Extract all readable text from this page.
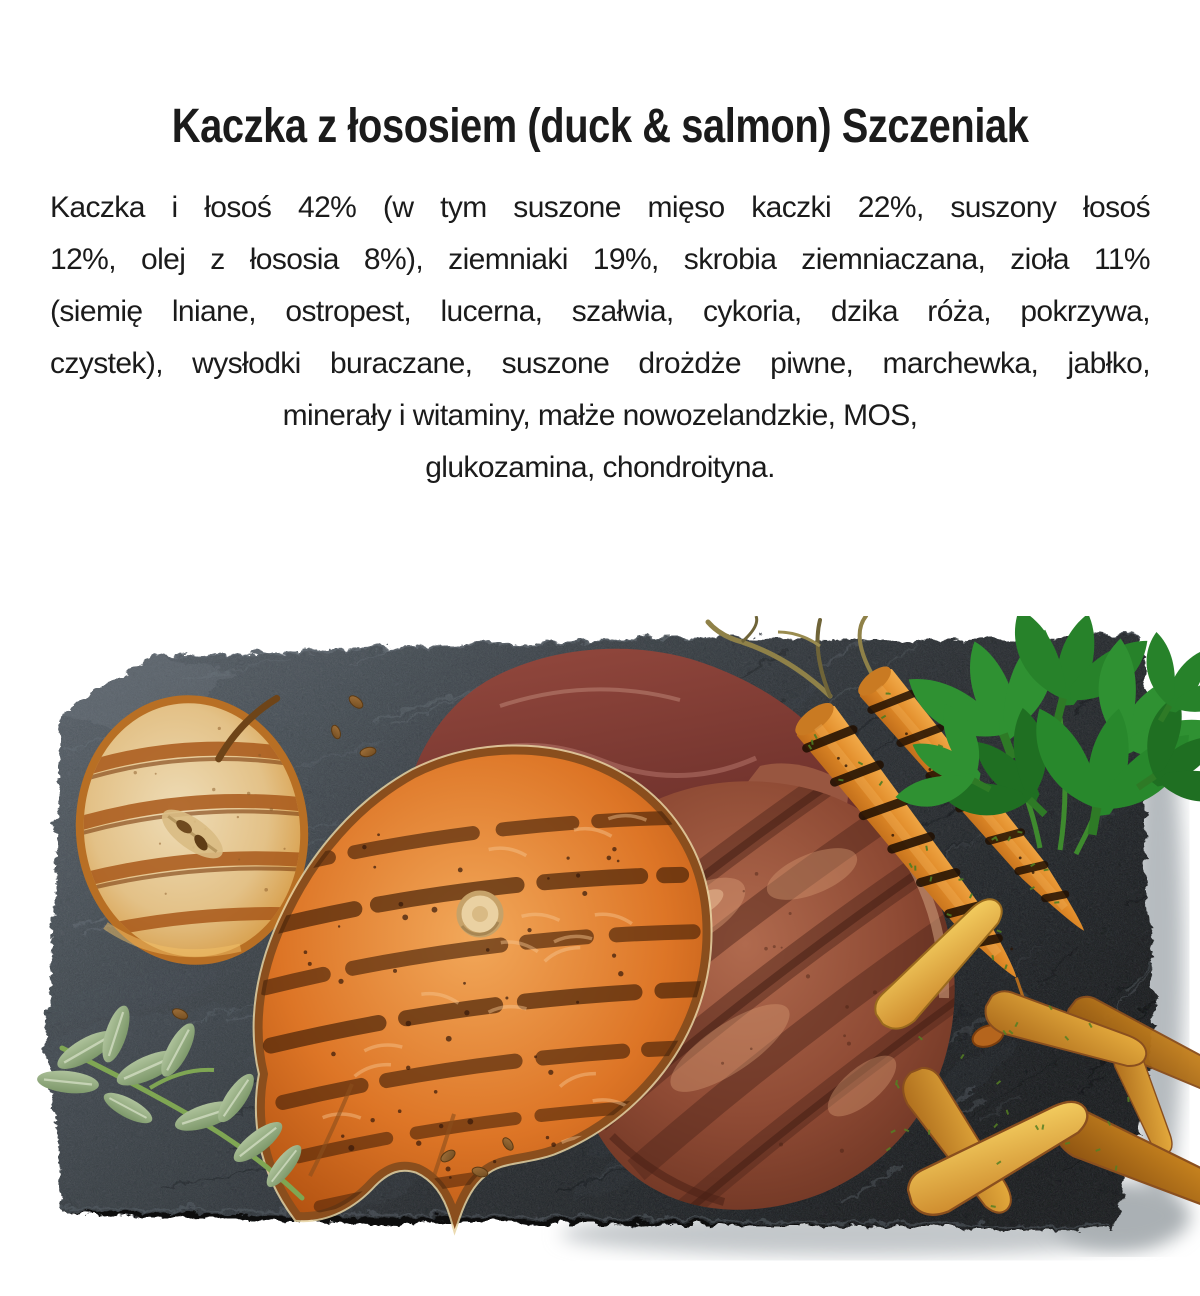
Kaczka z łososiem (duck & salmon) Szczeniak
Kaczka i łosoś 42% (w tym suszone mięso kaczki 22%, suszony łosoś
12%, olej z łososia 8%), ziemniaki 19%, skrobia ziemniaczana, zioła 11%
(siemię lniane, ostropest, lucerna, szałwia, cykoria, dzika róża, pokrzywa,
czystek), wysłodki buraczane, suszone drożdże piwne, marchewka, jabłko,
minerały i witaminy, małże nowozelandzkie, MOS,
glukozamina, chondroityna.
